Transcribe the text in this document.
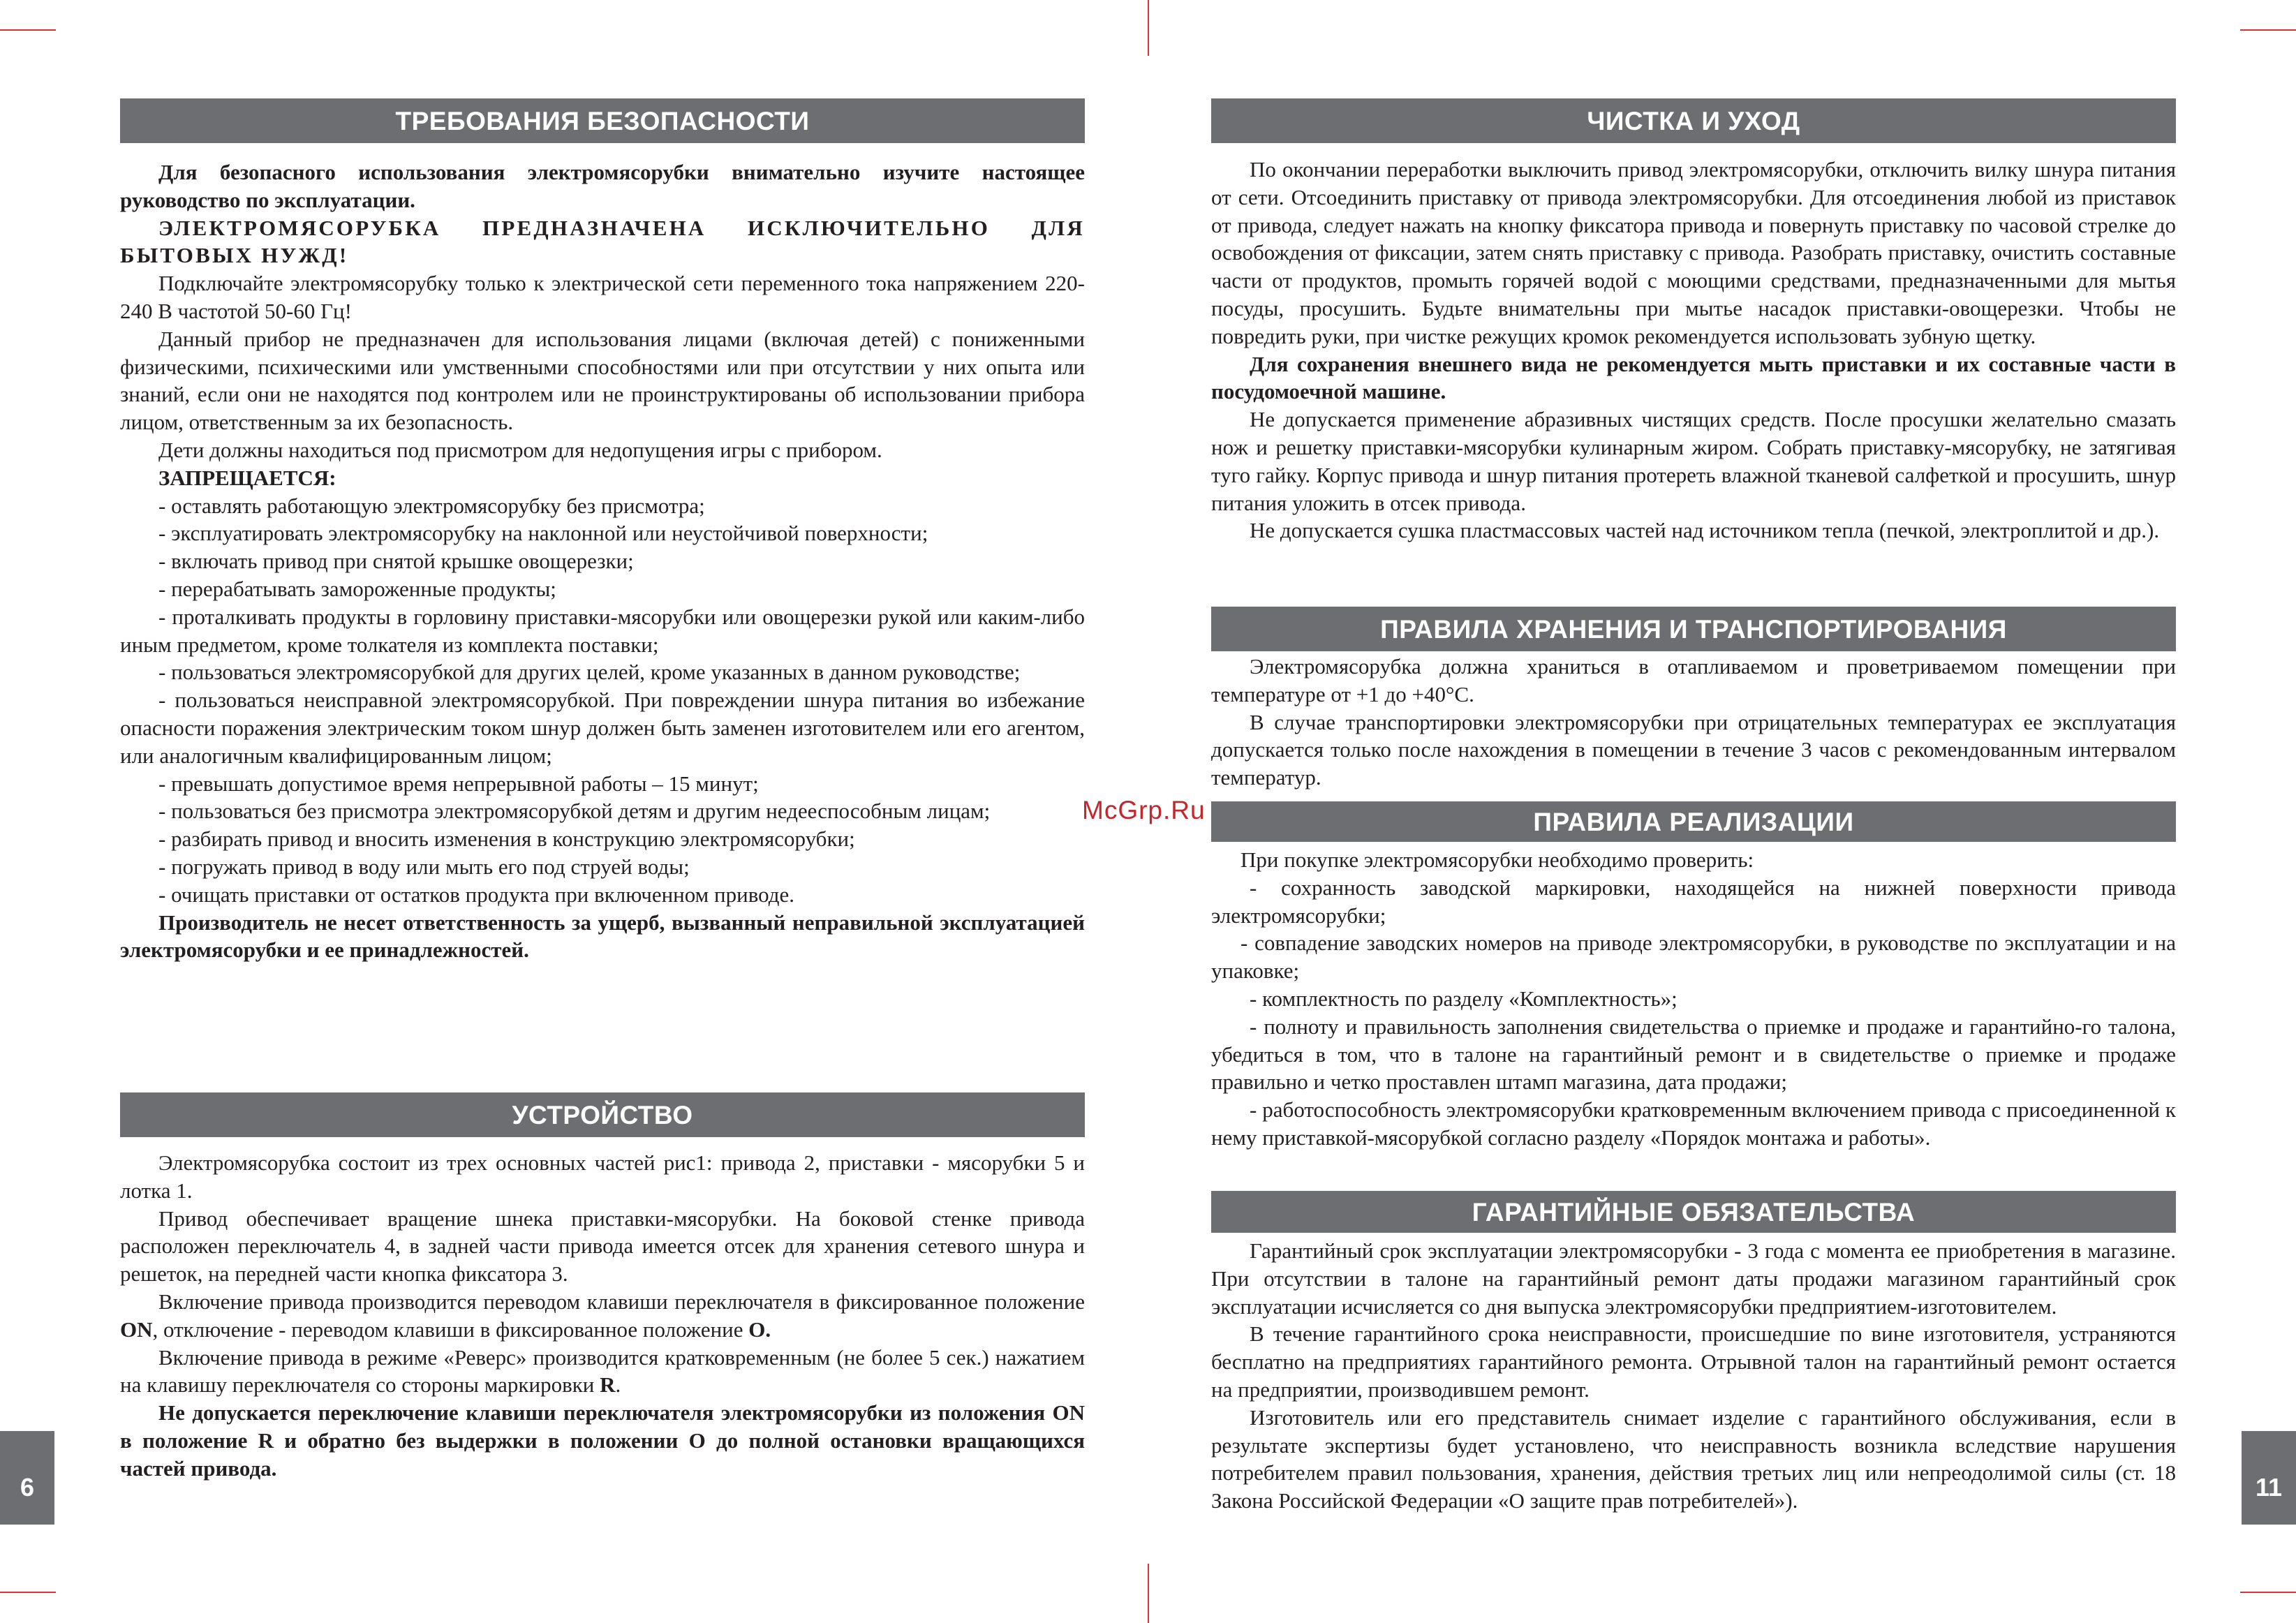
ТРЕБОВАНИЯ БЕЗОПАСНОСТИ

Для безопасного использования электромясорубки внимательно изучите настоящее руководство по эксплуатации.

ЭЛЕКТРОМЯСОРУБКА ПРЕДНАЗНАЧЕНА ИСКЛЮЧИТЕЛЬНО ДЛЯ БЫТОВЫХ НУЖД!

Подключайте электромясорубку только к электрической сети переменного тока напряжением 220-240 В частотой 50-60 Гц!

Данный прибор не предназначен для использования лицами (включая детей) с пониженными физическими, психическими или умственными способностями или при отсутствии у них опыта или знаний, если они не находятся под контролем или не проинструктированы об использовании прибора лицом, ответственным за их безопасность.

Дети должны находиться под присмотром для недопущения игры с прибором.

ЗАПРЕЩАЕТСЯ:

- оставлять работающую электромясорубку без присмотра;

- эксплуатировать электромясорубку на наклонной или неустойчивой поверхности;

- включать привод при снятой крышке овощерезки;

- перерабатывать замороженные продукты;

- проталкивать продукты в горловину приставки-мясорубки или овощерезки рукой или каким-либо иным предметом, кроме толкателя из комплекта поставки;

- пользоваться электромясорубкой для других целей, кроме указанных в данном руководстве;

- пользоваться неисправной электромясорубкой. При повреждении шнура питания во избежание опасности поражения электрическим током шнур должен быть заменен изготовителем или его агентом, или аналогичным квалифицированным лицом;

- превышать допустимое время непрерывной работы – 15 минут;

- пользоваться без присмотра электромясорубкой детям и другим недееспособным лицам;

- разбирать привод и вносить изменения в конструкцию электромясорубки;

- погружать привод в воду или мыть его под струей воды;

- очищать приставки от остатков продукта при включенном приводе.

Производитель не несет ответственность за ущерб, вызванный неправильной эксплуатацией электромясорубки и ее принадлежностей.

УСТРОЙСТВО

Электромясорубка состоит из трех основных частей рис1: привода 2, приставки - мясорубки 5 и лотка 1.

Привод обеспечивает вращение шнека приставки-мясорубки. На боковой стенке привода расположен переключатель 4, в задней части привода имеется отсек для хранения сетевого шнура и решеток, на передней части кнопка фиксатора 3.

Включение привода производится переводом клавиши переключателя в фиксированное положение ON, отключение - переводом клавиши в фиксированное положение O.

Включение привода в режиме «Реверс» производится кратковременным (не более 5 сек.) нажатием на клавишу переключателя со стороны маркировки R.

Не допускается переключение клавиши переключателя электромясорубки из положения ON в положение R и обратно без выдержки в положении O до полной остановки вращающихся частей привода.

6
ЧИСТКА И УХОД

По окончании переработки выключить привод электромясорубки, отключить вилку шнура питания от сети. Отсоединить приставку от привода электромясорубки. Для отсоединения любой из приставок от привода, следует нажать на кнопку фиксатора привода и повернуть приставку по часовой стрелке до освобождения от фиксации, затем снять приставку с привода. Разобрать приставку, очистить составные части от продуктов, промыть горячей водой с моющими средствами, предназначенными для мытья посуды, просушить. Будьте внимательны при мытье насадок приставки-овощерезки. Чтобы не повредить руки, при чистке режущих кромок рекомендуется использовать зубную щетку.

Для сохранения внешнего вида не рекомендуется мыть приставки и их составные части в посудомоечной машине.

Не допускается применение абразивных чистящих средств. После просушки желательно смазать нож и решетку приставки-мясорубки кулинарным жиром. Собрать приставку-мясорубку, не затягивая туго гайку. Корпус привода и шнур питания протереть влажной тканевой салфеткой и просушить, шнур питания уложить в отсек привода.

Не допускается сушка пластмассовых частей над источником тепла (печкой, электроплитой и др.).

ПРАВИЛА ХРАНЕНИЯ И ТРАНСПОРТИРОВАНИЯ

Электромясорубка должна храниться в отапливаемом и проветриваемом помещении при температуре от +1 до +40°С.

В случае транспортировки электромясорубки при отрицательных температурах ее эксплуатация допускается только после нахождения в помещении в течение 3 часов с рекомендованным интервалом температур.

ПРАВИЛА РЕАЛИЗАЦИИ

При покупке электромясорубки необходимо проверить:

- сохранность заводской маркировки, находящейся на нижней поверхности привода электромясорубки;

- совпадение заводских номеров на приводе электромясорубки, в руководстве по эксплуатации и на упаковке;

- комплектность по разделу «Комплектность»;

- полноту и правильность заполнения свидетельства о приемке и продаже и гарантийно-го талона, убедиться в том, что в талоне на гарантийный ремонт и в свидетельстве о приемке и продаже правильно и четко проставлен штамп магазина, дата продажи;

- работоспособность электромясорубки кратковременным включением привода с присоединенной к нему приставкой-мясорубкой согласно разделу «Порядок монтажа и работы».

ГАРАНТИЙНЫЕ ОБЯЗАТЕЛЬСТВА

Гарантийный срок эксплуатации электромясорубки - 3 года с момента ее приобретения в магазине. При отсутствии в талоне на гарантийный ремонт даты продажи магазином гарантийный срок эксплуатации исчисляется со дня выпуска электромясорубки предприятием-изготовителем.

В течение гарантийного срока неисправности, происшедшие по вине изготовителя, устраняются бесплатно на предприятиях гарантийного ремонта. Отрывной талон на гарантийный ремонт остается на предприятии, производившем ремонт.

Изготовитель или его представитель снимает изделие с гарантийного обслуживания, если в результате экспертизы будет установлено, что неисправность возникла вследствие нарушения потребителем правил пользования, хранения, действия третьих лиц или непреодолимой силы (ст. 18 Закона Российской Федерации «О защите прав потребителей»).	11
McGrp.Ru
